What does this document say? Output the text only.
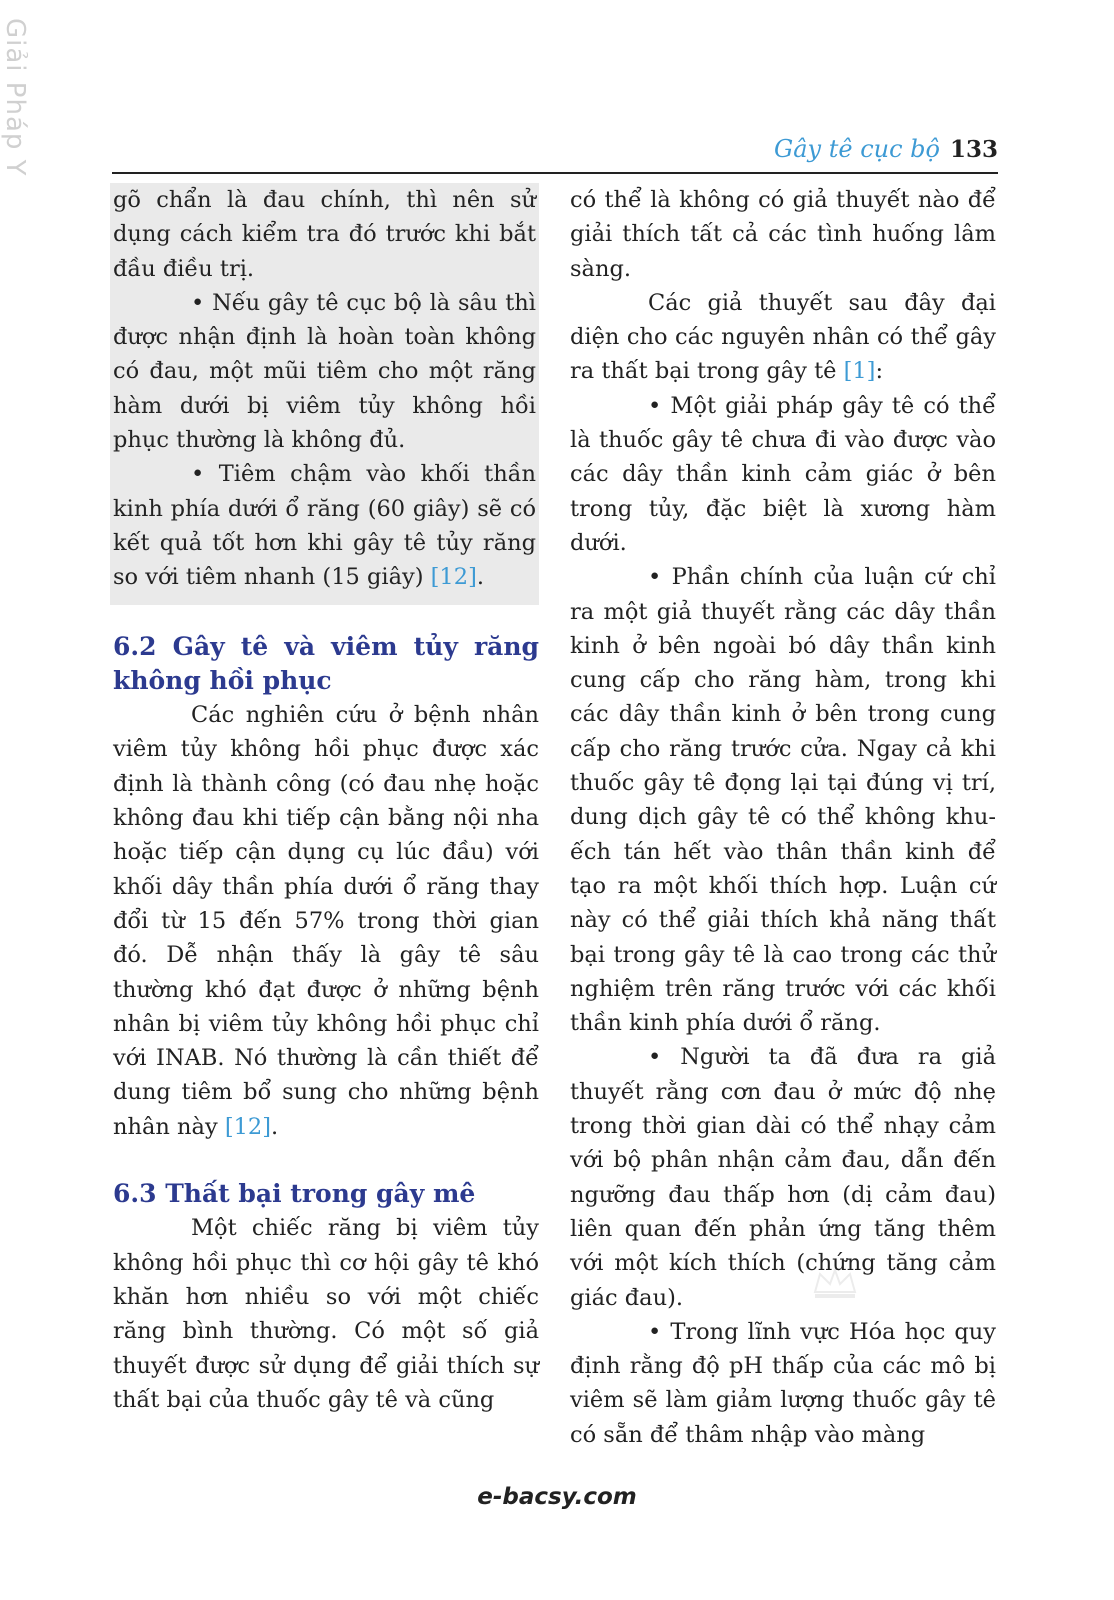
Giải Pháp Y
Gây tê cục bộ 133

gõ chẩn là đau chính, thì nên sử dụng cách kiểm tra đó trước khi bắt đầu điều trị.

• Nếu gây tê cục bộ là sâu thì được nhận định là hoàn toàn không có đau, một mũi tiêm cho một răng hàm dưới bị viêm tủy không hồi phục thường là không đủ.

• Tiêm chậm vào khối thần kinh phía dưới ổ răng (60 giây) sẽ có kết quả tốt hơn khi gây tê tủy răng so với tiêm nhanh (15 giây) [12].

6.2 Gây tê và viêm tủy răng không hồi phục

Các nghiên cứu ở bệnh nhân viêm tủy không hồi phục được xác định là thành công (có đau nhẹ hoặc không đau khi tiếp cận bằng nội nha hoặc tiếp cận dụng cụ lúc đầu) với khối dây thần phía dưới ổ răng thay đổi từ 15 đến 57% trong thời gian đó. Dễ nhận thấy là gây tê sâu thường khó đạt được ở những bệnh nhân bị viêm tủy không hồi phục chỉ với INAB. Nó thường là cần thiết để dung tiêm bổ sung cho những bệnh nhân này [12].

6.3 Thất bại trong gây mê

Một chiếc răng bị viêm tủy không hồi phục thì cơ hội gây tê khó khăn hơn nhiều so với một chiếc răng bình thường. Có một số giả thuyết được sử dụng để giải thích sự thất bại của thuốc gây tê và cũng

có thể là không có giả thuyết nào để giải thích tất cả các tình huống lâm sàng.

Các giả thuyết sau đây đại diện cho các nguyên nhân có thể gây ra thất bại trong gây tê [1]:

• Một giải pháp gây tê có thể là thuốc gây tê chưa đi vào được vào các dây thần kinh cảm giác ở bên trong tủy, đặc biệt là xương hàm dưới.

• Phần chính của luận cứ chỉ ra một giả thuyết rằng các dây thần kinh ở bên ngoài bó dây thần kinh cung cấp cho răng hàm, trong khi các dây thần kinh ở bên trong cung cấp cho răng trước cửa. Ngay cả khi thuốc gây tê đọng lại tại đúng vị trí, dung dịch gây tê có thể không khu-ếch tán hết vào thân thần kinh để tạo ra một khối thích hợp. Luận cứ này có thể giải thích khả năng thất bại trong gây tê là cao trong các thử nghiệm trên răng trước với các khối thần kinh phía dưới ổ răng.

• Người ta đã đưa ra giả thuyết rằng cơn đau ở mức độ nhẹ trong thời gian dài có thể nhạy cảm với bộ phân nhận cảm đau, dẫn đến ngưỡng đau thấp hơn (dị cảm đau) liên quan đến phản ứng tăng thêm với một kích thích (chứng tăng cảm giác đau).

• Trong lĩnh vực Hóa học quy định rằng độ pH thấp của các mô bị viêm sẽ làm giảm lượng thuốc gây tê có sẵn để thâm nhập vào màng

e-bacsy.com
